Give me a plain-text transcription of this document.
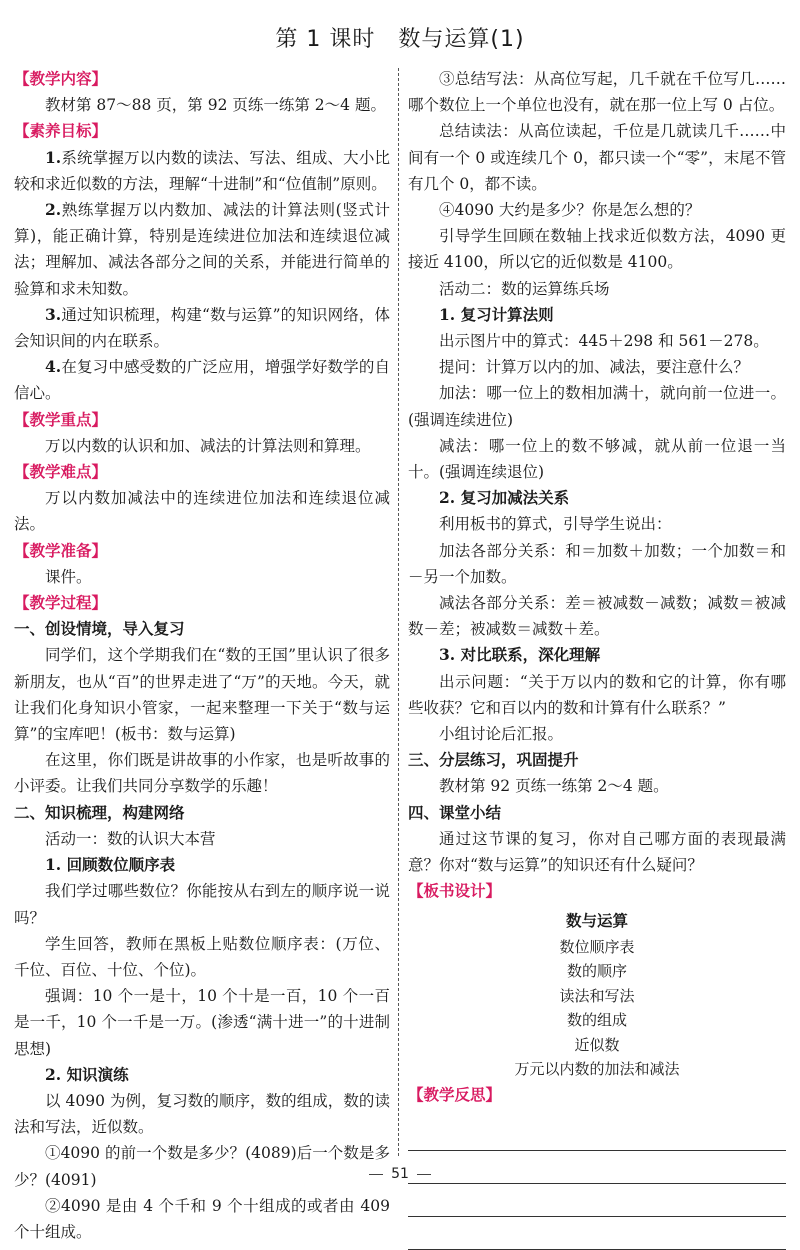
第 1 课时　数与运算(1)
【教学内容】

教材第 87～88 页，第 92 页练一练第 2～4 题。

【素养目标】

1.系统掌握万以内数的读法、写法、组成、大小比较和求近似数的方法，理解“十进制”和“位值制”原则。

2.熟练掌握万以内数加、减法的计算法则(竖式计算)，能正确计算，特别是连续进位加法和连续退位减法；理解加、减法各部分之间的关系，并能进行简单的验算和求未知数。

3.通过知识梳理，构建“数与运算”的知识网络，体会知识间的内在联系。

4.在复习中感受数的广泛应用，增强学好数学的自信心。

【教学重点】

万以内数的认识和加、减法的计算法则和算理。

【教学难点】

万以内数加减法中的连续进位加法和连续退位减法。

【教学准备】

课件。

【教学过程】
一、创设情境，导入复习

同学们，这个学期我们在“数的王国”里认识了很多新朋友，也从“百”的世界走进了“万”的天地。今天，就让我们化身知识小管家，一起来整理一下关于“数与运算”的宝库吧！(板书：数与运算)

在这里，你们既是讲故事的小作家，也是听故事的小评委。让我们共同分享数学的乐趣！

二、知识梳理，构建网络

活动一：数的认识大本营

1. 回顾数位顺序表

我们学过哪些数位？你能按从右到左的顺序说一说吗？

学生回答，教师在黑板上贴数位顺序表：(万位、千位、百位、十位、个位)。

强调：10 个一是十，10 个十是一百，10 个一百是一千，10 个一千是一万。(渗透“满十进一”的十进制思想)

2. 知识演练

以 4090 为例，复习数的顺序，数的组成，数的读法和写法，近似数。

①4090 的前一个数是多少？(4089)后一个数是多少？(4091)

②4090 是由 4 个千和 9 个十组成的或者由 409 个十组成。

③总结写法：从高位写起，几千就在千位写几……哪个数位上一个单位也没有，就在那一位上写 0 占位。

总结读法：从高位读起，千位是几就读几千……中间有一个 0 或连续几个 0，都只读一个“零”，末尾不管有几个 0，都不读。

④4090 大约是多少？你是怎么想的？

引导学生回顾在数轴上找求近似数方法，4090 更接近 4100，所以它的近似数是 4100。

活动二：数的运算练兵场

1. 复习计算法则

出示图片中的算式：445＋298 和 561－278。

提问：计算万以内的加、减法，要注意什么？

加法：哪一位上的数相加满十，就向前一位进一。(强调连续进位)

减法：哪一位上的数不够减，就从前一位退一当十。(强调连续退位)

2. 复习加减法关系

利用板书的算式，引导学生说出：

加法各部分关系：和＝加数＋加数；一个加数＝和－另一个加数。

减法各部分关系：差＝被减数－减数；减数＝被减数－差；被减数＝减数＋差。

3. 对比联系，深化理解

出示问题：“关于万以内的数和它的计算，你有哪些收获？它和百以内的数和计算有什么联系？”

小组讨论后汇报。

三、分层练习，巩固提升

教材第 92 页练一练第 2～4 题。

四、课堂小结

通过这节课的复习，你对自己哪方面的表现最满意？你对“数与运算”的知识还有什么疑问？

【板书设计】
数与运算
数位顺序表
数的顺序
读法和写法
数的组成
近似数
万元以内数的加法和减法
【教学反思】
51
